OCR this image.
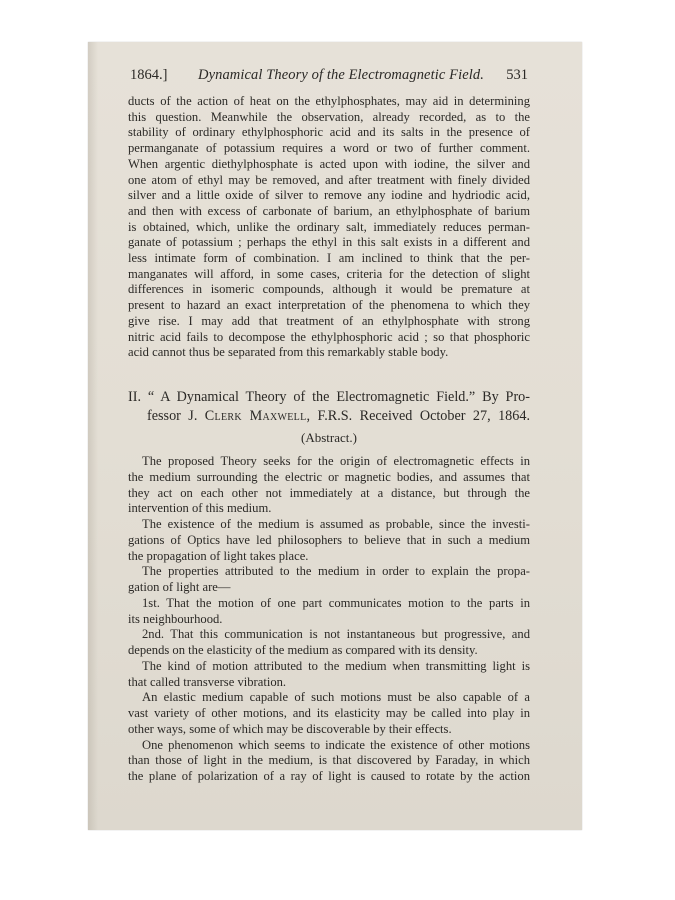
1864.] Dynamical Theory of the Electromagnetic Field. 531
ducts of the action of heat on the ethylphosphates, may aid in determining
this question. Meanwhile the observation, already recorded, as to the
stability of ordinary ethylphosphoric acid and its salts in the presence of
permanganate of potassium requires a word or two of further comment.
When argentic diethylphosphate is acted upon with iodine, the silver and
one atom of ethyl may be removed, and after treatment with finely divided
silver and a little oxide of silver to remove any iodine and hydriodic acid,
and then with excess of carbonate of barium, an ethylphosphate of barium
is obtained, which, unlike the ordinary salt, immediately reduces perman-
ganate of potassium ; perhaps the ethyl in this salt exists in a different and
less intimate form of combination. I am inclined to think that the per-
manganates will afford, in some cases, criteria for the detection of slight
differences in isomeric compounds, although it would be premature at
present to hazard an exact interpretation of the phenomena to which they
give rise. I may add that treatment of an ethylphosphate with strong
nitric acid fails to decompose the ethylphosphoric acid ; so that phosphoric
acid cannot thus be separated from this remarkably stable body.
II. “ A Dynamical Theory of the Electromagnetic Field.” By Pro-
fessor J. Clerk Maxwell, F.R.S. Received October 27, 1864.
(Abstract.)
The proposed Theory seeks for the origin of electromagnetic effects in
the medium surrounding the electric or magnetic bodies, and assumes that
they act on each other not immediately at a distance, but through the
intervention of this medium.
The existence of the medium is assumed as probable, since the investi-
gations of Optics have led philosophers to believe that in such a medium
the propagation of light takes place.
The properties attributed to the medium in order to explain the propa-
gation of light are—
1st. That the motion of one part communicates motion to the parts in
its neighbourhood.
2nd. That this communication is not instantaneous but progressive, and
depends on the elasticity of the medium as compared with its density.
The kind of motion attributed to the medium when transmitting light is
that called transverse vibration.
An elastic medium capable of such motions must be also capable of a
vast variety of other motions, and its elasticity may be called into play in
other ways, some of which may be discoverable by their effects.
One phenomenon which seems to indicate the existence of other motions
than those of light in the medium, is that discovered by Faraday, in which
the plane of polarization of a ray of light is caused to rotate by the action
